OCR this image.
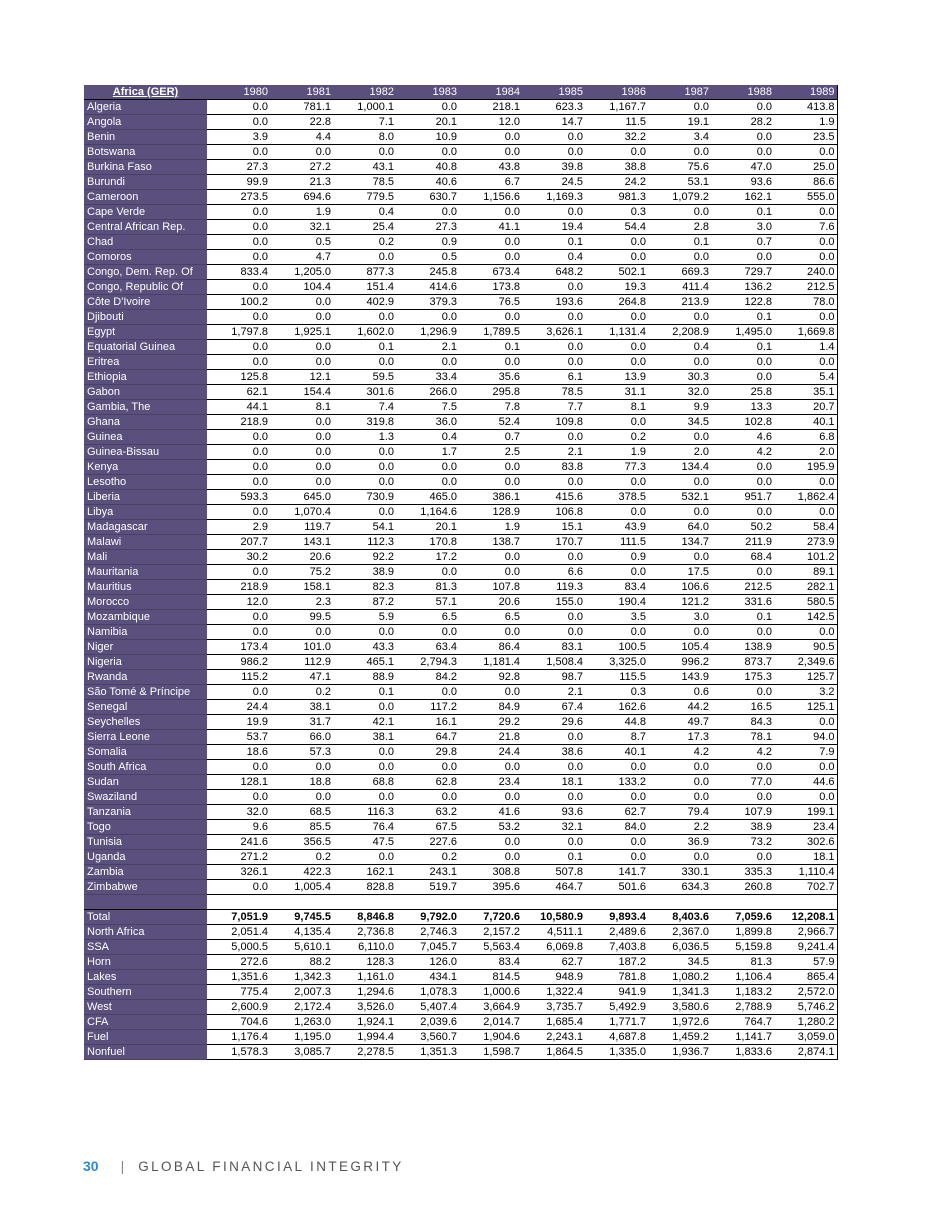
Africa (GER)	1980	1981	1982	1983	1984	1985	1986	1987	1988	1989
Algeria	0.0	781.1	1,000.1	0.0	218.1	623.3	1,167.7	0.0	0.0	413.8
Angola	0.0	22.8	7.1	20.1	12.0	14.7	11.5	19.1	28.2	1.9
Benin	3.9	4.4	8.0	10.9	0.0	0.0	32.2	3.4	0.0	23.5
Botswana	0.0	0.0	0.0	0.0	0.0	0.0	0.0	0.0	0.0	0.0
Burkina Faso	27.3	27.2	43.1	40.8	43.8	39.8	38.8	75.6	47.0	25.0
Burundi	99.9	21.3	78.5	40.6	6.7	24.5	24.2	53.1	93.6	86.6
Cameroon	273.5	694.6	779.5	630.7	1,156.6	1,169.3	981.3	1,079.2	162.1	555.0
Cape Verde	0.0	1.9	0.4	0.0	0.0	0.0	0.3	0.0	0.1	0.0
Central African Rep.	0.0	32.1	25.4	27.3	41.1	19.4	54.4	2.8	3.0	7.6
Chad	0.0	0.5	0.2	0.9	0.0	0.1	0.0	0.1	0.7	0.0
Comoros	0.0	4.7	0.0	0.5	0.0	0.4	0.0	0.0	0.0	0.0
Congo, Dem. Rep. Of	833.4	1,205.0	877.3	245.8	673.4	648.2	502.1	669.3	729.7	240.0
Congo, Republic Of	0.0	104.4	151.4	414.6	173.8	0.0	19.3	411.4	136.2	212.5
Côte D'Ivoire	100.2	0.0	402.9	379.3	76.5	193.6	264.8	213.9	122.8	78.0
Djibouti	0.0	0.0	0.0	0.0	0.0	0.0	0.0	0.0	0.1	0.0
Egypt	1,797.8	1,925.1	1,602.0	1,296.9	1,789.5	3,626.1	1,131.4	2,208.9	1,495.0	1,669.8
Equatorial Guinea	0.0	0.0	0.1	2.1	0.1	0.0	0.0	0.4	0.1	1.4
Eritrea	0.0	0.0	0.0	0.0	0.0	0.0	0.0	0.0	0.0	0.0
Ethiopia	125.8	12.1	59.5	33.4	35.6	6.1	13.9	30.3	0.0	5.4
Gabon	62.1	154.4	301.6	266.0	295.8	78.5	31.1	32.0	25.8	35.1
Gambia, The	44.1	8.1	7.4	7.5	7.8	7.7	8.1	9.9	13.3	20.7
Ghana	218.9	0.0	319.8	36.0	52.4	109.8	0.0	34.5	102.8	40.1
Guinea	0.0	0.0	1.3	0.4	0.7	0.0	0.2	0.0	4.6	6.8
Guinea-Bissau	0.0	0.0	0.0	1.7	2.5	2.1	1.9	2.0	4.2	2.0
Kenya	0.0	0.0	0.0	0.0	0.0	83.8	77.3	134.4	0.0	195.9
Lesotho	0.0	0.0	0.0	0.0	0.0	0.0	0.0	0.0	0.0	0.0
Liberia	593.3	645.0	730.9	465.0	386.1	415.6	378.5	532.1	951.7	1,862.4
Libya	0.0	1,070.4	0.0	1,164.6	128.9	106.8	0.0	0.0	0.0	0.0
Madagascar	2.9	119.7	54.1	20.1	1.9	15.1	43.9	64.0	50.2	58.4
Malawi	207.7	143.1	112.3	170.8	138.7	170.7	111.5	134.7	211.9	273.9
Mali	30.2	20.6	92.2	17.2	0.0	0.0	0.9	0.0	68.4	101.2
Mauritania	0.0	75.2	38.9	0.0	0.0	6.6	0.0	17.5	0.0	89.1
Mauritius	218.9	158.1	82.3	81.3	107.8	119.3	83.4	106.6	212.5	282.1
Morocco	12.0	2.3	87.2	57.1	20.6	155.0	190.4	121.2	331.6	580.5
Mozambique	0.0	99.5	5.9	6.5	6.5	0.0	3.5	3.0	0.1	142.5
Namibia	0.0	0.0	0.0	0.0	0.0	0.0	0.0	0.0	0.0	0.0
Niger	173.4	101.0	43.3	63.4	86.4	83.1	100.5	105.4	138.9	90.5
Nigeria	986.2	112.9	465.1	2,794.3	1,181.4	1,508.4	3,325.0	996.2	873.7	2,349.6
Rwanda	115.2	47.1	88.9	84.2	92.8	98.7	115.5	143.9	175.3	125.7
São Tomé & Príncipe	0.0	0.2	0.1	0.0	0.0	2.1	0.3	0.6	0.0	3.2
Senegal	24.4	38.1	0.0	117.2	84.9	67.4	162.6	44.2	16.5	125.1
Seychelles	19.9	31.7	42.1	16.1	29.2	29.6	44.8	49.7	84.3	0.0
Sierra Leone	53.7	66.0	38.1	64.7	21.8	0.0	8.7	17.3	78.1	94.0
Somalia	18.6	57.3	0.0	29.8	24.4	38.6	40.1	4.2	4.2	7.9
South Africa	0.0	0.0	0.0	0.0	0.0	0.0	0.0	0.0	0.0	0.0
Sudan	128.1	18.8	68.8	62.8	23.4	18.1	133.2	0.0	77.0	44.6
Swaziland	0.0	0.0	0.0	0.0	0.0	0.0	0.0	0.0	0.0	0.0
Tanzania	32.0	68.5	116.3	63.2	41.6	93.6	62.7	79.4	107.9	199.1
Togo	9.6	85.5	76.4	67.5	53.2	32.1	84.0	2.2	38.9	23.4
Tunisia	241.6	356.5	47.5	227.6	0.0	0.0	0.0	36.9	73.2	302.6
Uganda	271.2	0.2	0.0	0.2	0.0	0.1	0.0	0.0	0.0	18.1
Zambia	326.1	422.3	162.1	243.1	308.8	507.8	141.7	330.1	335.3	1,110.4
Zimbabwe	0.0	1,005.4	828.8	519.7	395.6	464.7	501.6	634.3	260.8	702.7

Total	7,051.9	9,745.5	8,846.8	9,792.0	7,720.6	10,580.9	9,893.4	8,403.6	7,059.6	12,208.1
North Africa	2,051.4	4,135.4	2,736.8	2,746.3	2,157.2	4,511.1	2,489.6	2,367.0	1,899.8	2,966.7
SSA	5,000.5	5,610.1	6,110.0	7,045.7	5,563.4	6,069.8	7,403.8	6,036.5	5,159.8	9,241.4
Horn	272.6	88.2	128.3	126.0	83.4	62.7	187.2	34.5	81.3	57.9
Lakes	1,351.6	1,342.3	1,161.0	434.1	814.5	948.9	781.8	1,080.2	1,106.4	865.4
Southern	775.4	2,007.3	1,294.6	1,078.3	1,000.6	1,322.4	941.9	1,341.3	1,183.2	2,572.0
West	2,600.9	2,172.4	3,526.0	5,407.4	3,664.9	3,735.7	5,492.9	3,580.6	2,788.9	5,746.2
CFA	704.6	1,263.0	1,924.1	2,039.6	2,014.7	1,685.4	1,771.7	1,972.6	764.7	1,280.2
Fuel	1,176.4	1,195.0	1,994.4	3,560.7	1,904.6	2,243.1	4,687.8	1,459.2	1,141.7	3,059.0
Nonfuel	1,578.3	3,085.7	2,278.5	1,351.3	1,598.7	1,864.5	1,335.0	1,936.7	1,833.6	2,874.1
30 | GLOBAL FINANCIAL INTEGRITY
